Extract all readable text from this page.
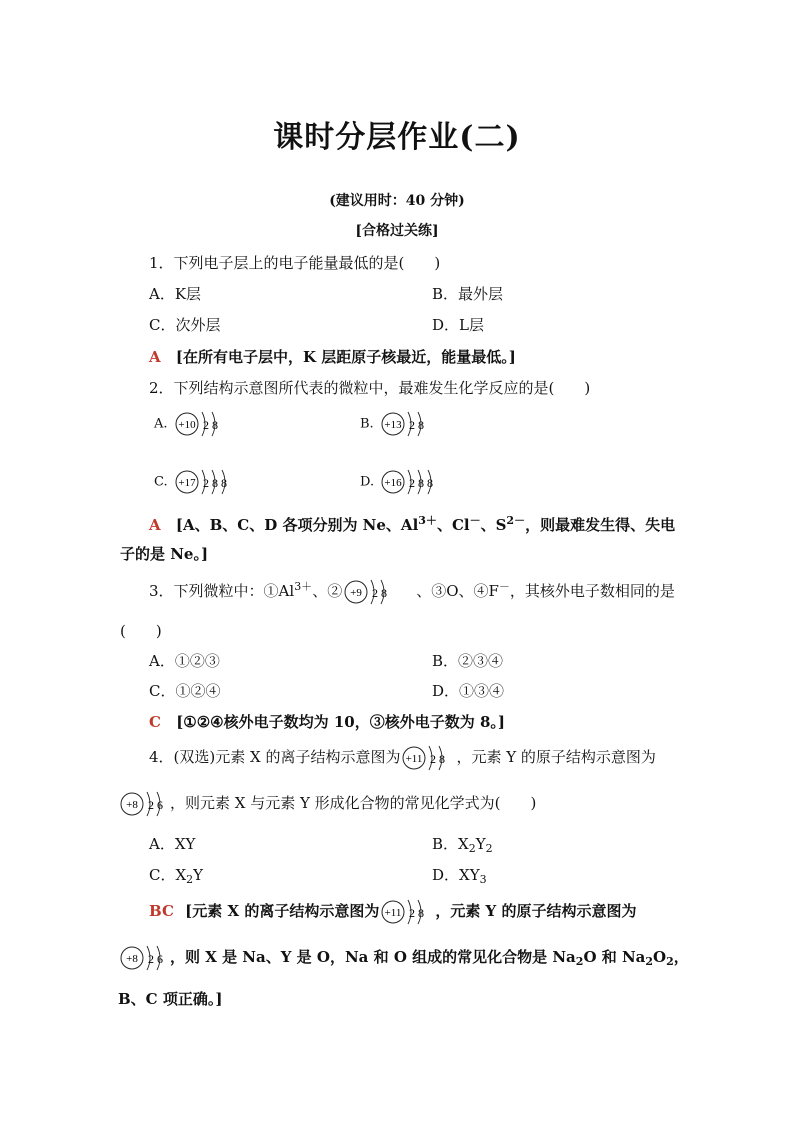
课时分层作业(二)
(建议用时：40 分钟)
[合格过关练]
1．下列电子层上的电子能量最低的是(　　)
A．K层	B．最外层
C．次外层	D．L层
A [在所有电子层中，K 层距原子核最近，能量最低。]
2．下列结构示意图所代表的微粒中，最难发生化学反应的是(　　)
A. +10 2 8	B. +13 2 8
C. +17 2 8 8	D. +16 2 8 8
A [A、B、C、D 各项分别为 Ne、$Al^{3+}$、Cl－、$S^{2-}$，则最难发生得、失电
子的是 Ne。]
3．下列微粒中：$①Al^{3+}$、② +9 2 8 、③O、④F－，其核外电子数相同的是
(　　)
A．①②③	B．②③④
C．①②④	D．①③④
C [①②④核外电子数均为 10，③核外电子数为 8。]
4．(双选)元素 X 的离子结构示意图为 +11 2 8 ，元素 Y 的原子结构示意图为
+8 2 6 ，则元素 X 与元素 Y 形成化合物的常见化学式为(　　)
A．XY	B．$X_2Y_2$
C．$X_2Y$	D．$XY_3$
BC [元素 X 的离子结构示意图为 +11 2 8 ，元素 Y 的原子结构示意图为
+8 2 6 ，则 X 是 Na、Y 是 O，Na 和 O 组成的常见化合物是 $Na_2O$ 和 $Na_2O_2$，
B、C 项正确。]
